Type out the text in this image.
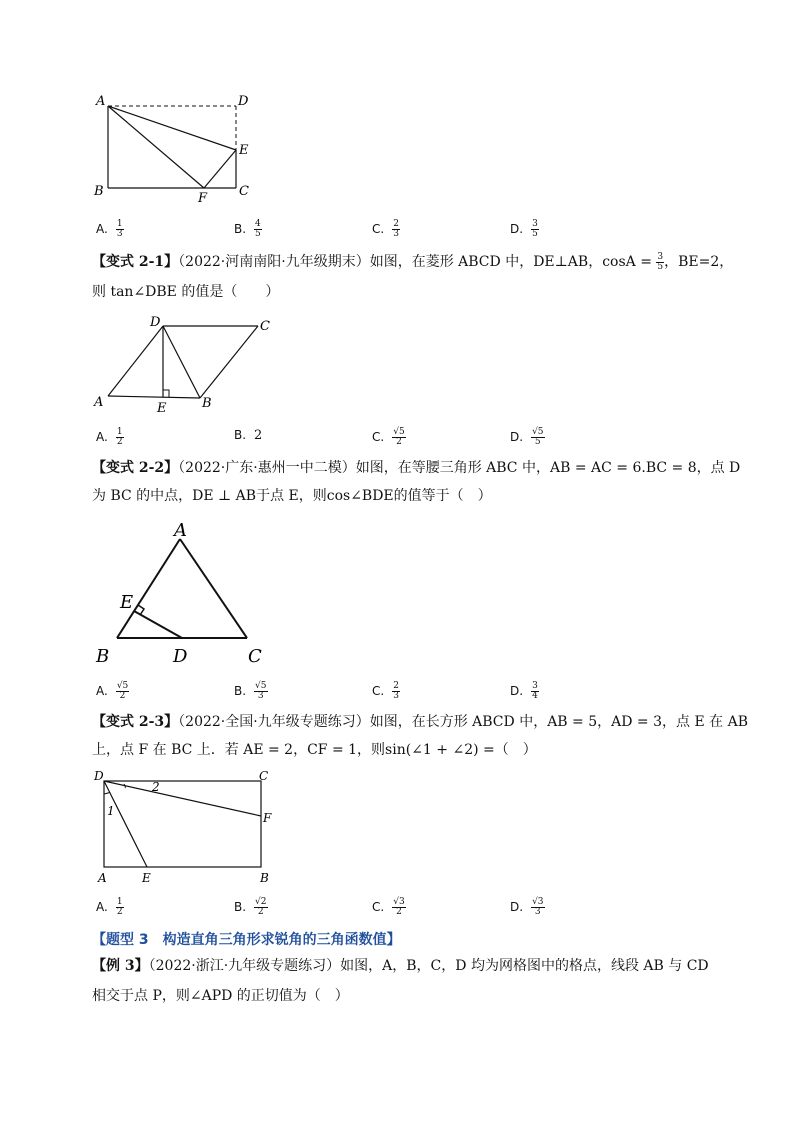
A	D
E
B	F C
A. $\frac{1}{3}$	B. $\frac{4}{5}$	C. $\frac{2}{3}$	D. $\frac{3}{5}$
【变式 2-1】（2022·河南南阳·九年级期末）如图，在菱形 ABCD 中，DE⊥AB，$\cos A = \frac{3}{5}$ ，BE=2，
则 tan∠DBE 的值是（　　）
D	C
A	E	B
A. $\frac{1}{2}$	B. 2	C. $\frac{√5}{2}$	D. $\frac{√5}{5}$
【变式 2-2】（2022·广东·惠州一中二模）如图，在等腰三角形 ABC 中，AB = AC = 6.BC = 8，点 D
为 BC 的中点，DE ⊥ AB于点 E，则cos∠BDE的值等于（　）
A
E
B	D	C
A. $\frac{√5}{2}$	B. $\frac{√5}{3}$	C. $\frac{2}{3}$	D. $\frac{3}{4}$
【变式 2-3】（2022·全国·九年级专题练习）如图，在长方形 ABCD 中，AB = 5，AD = 3，点 E 在 AB
上，点 F 在 BC 上．若 AE = 2，CF = 1，则sin(∠1 + ∠2) =（　）
D	C
2
1	F
A	E	B
A. $\frac{1}{2}$	B. $\frac{√2}{2}$	C. $\frac{√3}{2}$	D. $\frac{√3}{3}$
【题型 3　构造直角三角形求锐角的三角函数值】
【例 3】（2022·浙江·九年级专题练习）如图，A，B，C，D 均为网格图中的格点，线段 AB 与 CD
相交于点 P，则∠APD 的正切值为（　）
